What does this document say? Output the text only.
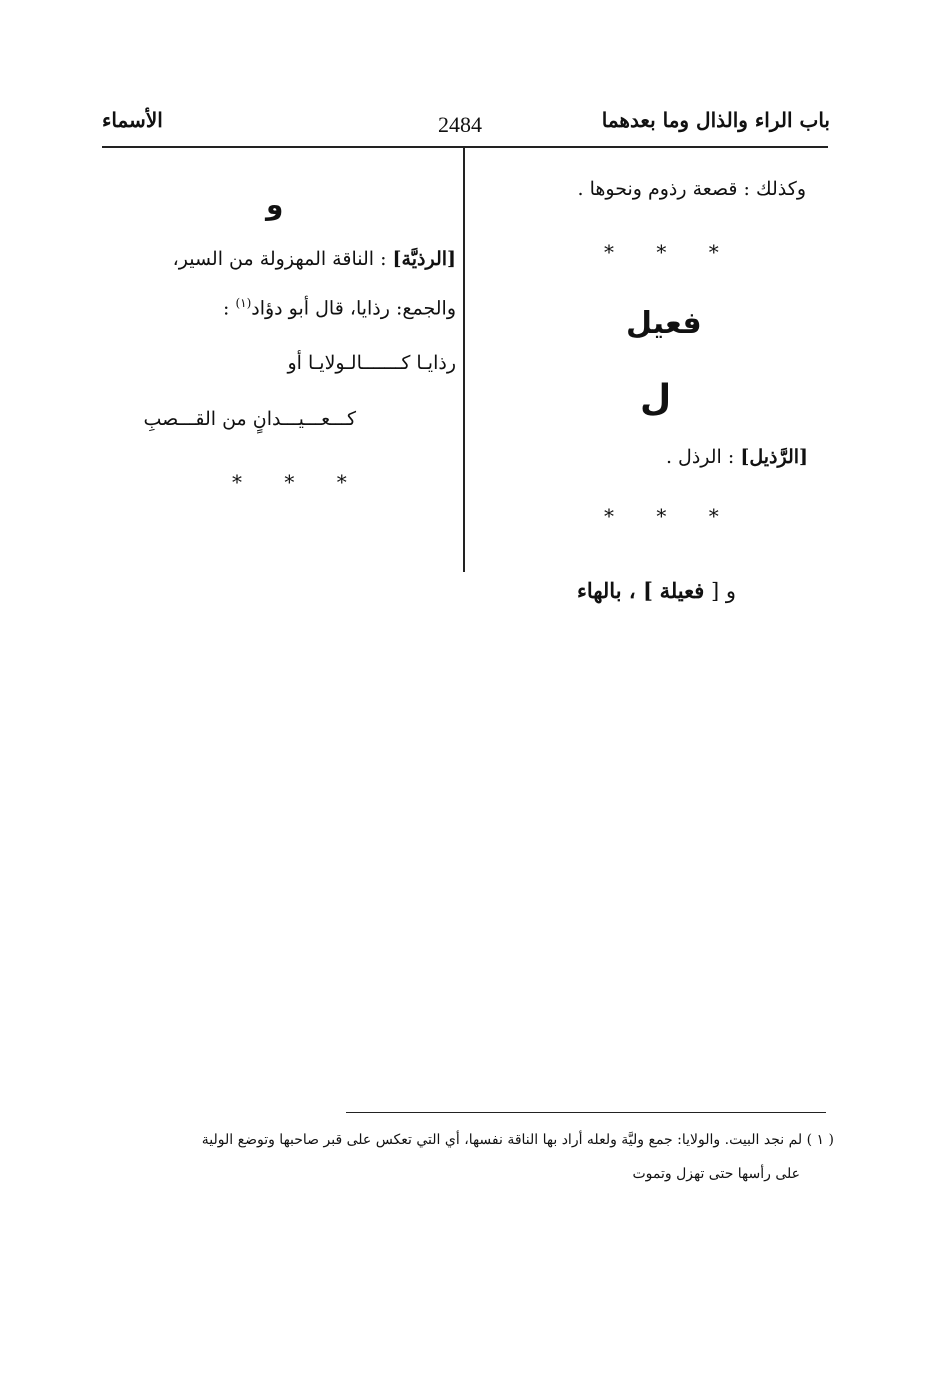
باب الراء والذال وما بعدهما
2484
الأسماء
وكذلك : قصعة رذوم ونحوها .
* * *
فعيل
ل
[الرَّذيل] : الرذل .
* * *
و [ فعيلة ] ، بالهاء
و
[الرذيَّة] : الناقة المهزولة من السير،
والجمع: رذايا، قال أبو دؤاد$^{(١)}$ :
رذايـا كـــــــالـولايـا أو
كـــعـــيـــدانٍ من القـــصبِ
* * *
( ١ ) لم نجد البيت. والولايا: جمع وليَّة ولعله أراد بها الناقة نفسها، أي التي تعكس على قبر صاحبها وتوضع الولية
على رأسها حتى تهزل وتموت
